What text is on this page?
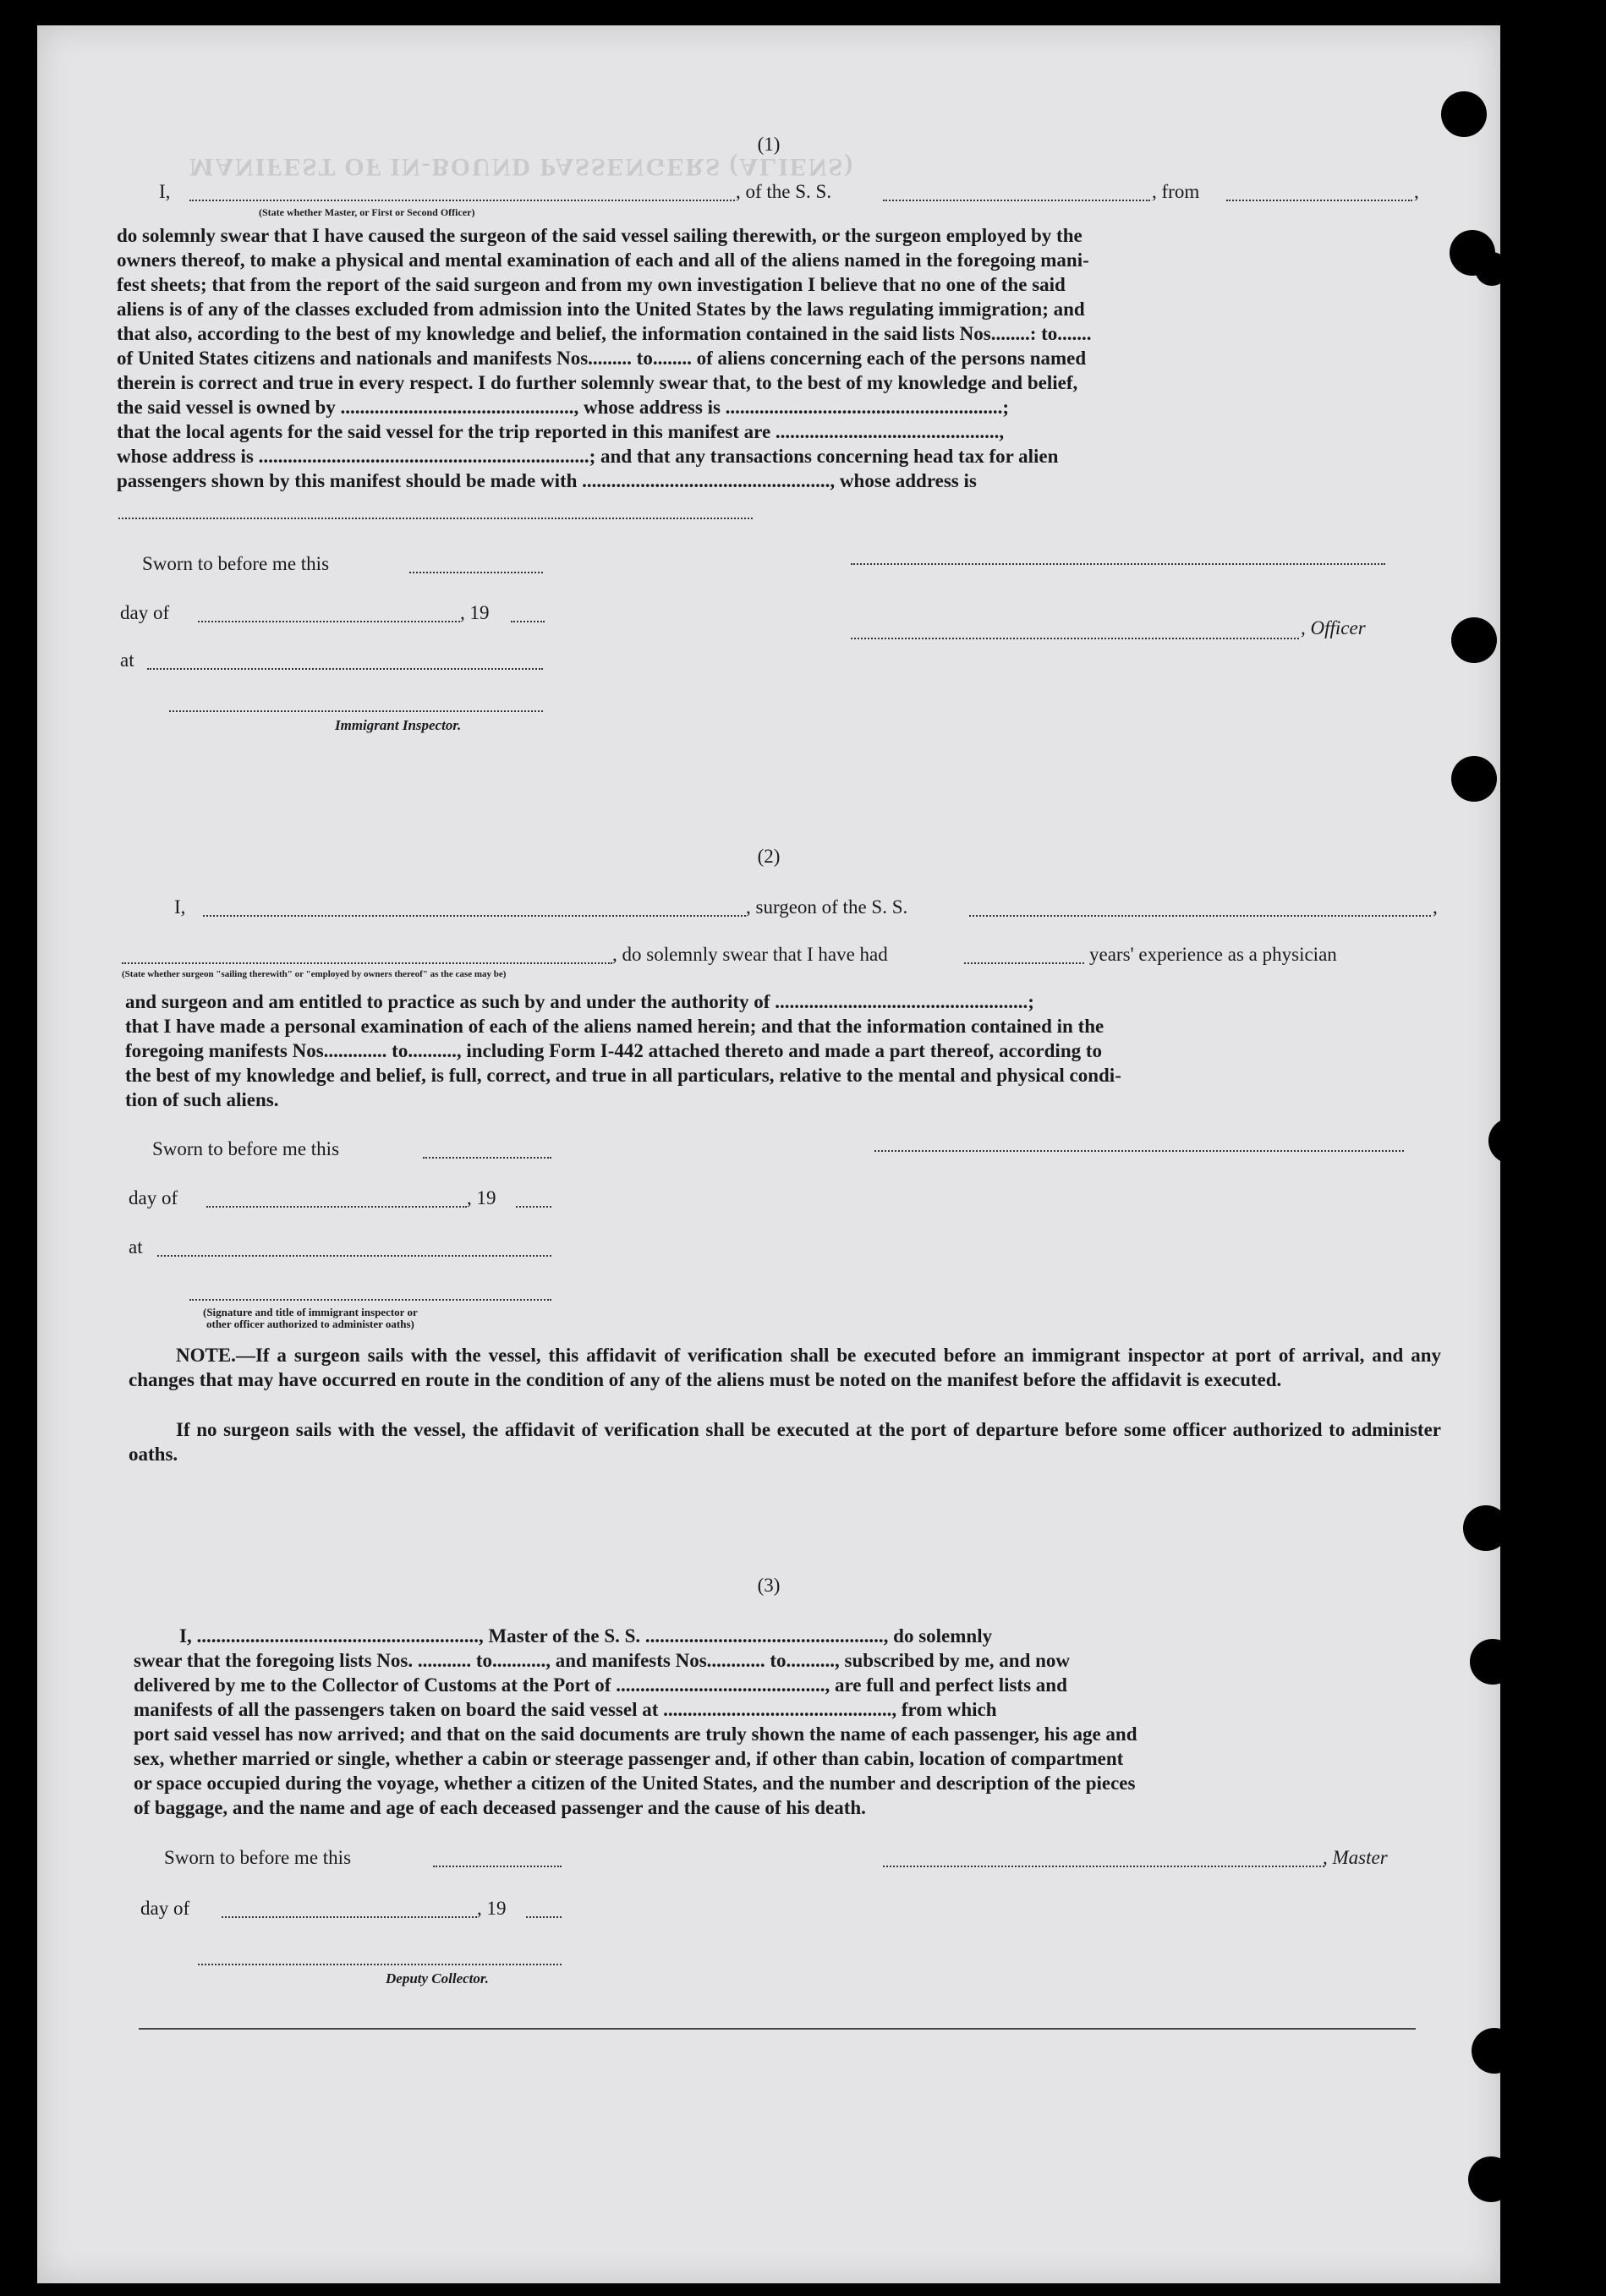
MANIFEST OF IN-BOUND PASSENGERS (ALIENS)
(1)
I,	, of the S. S.	, from	,
(State whether Master, or First or Second Officer)
do solemnly swear that I have caused the surgeon of the said vessel sailing therewith, or the surgeon employed by the
owners thereof, to make a physical and mental examination of each and all of the aliens named in the foregoing mani-
fest sheets; that from the report of the said surgeon and from my own investigation I believe that no one of the said
aliens is of any of the classes excluded from admission into the United States by the laws regulating immigration; and
that also, according to the best of my knowledge and belief, the information contained in the said lists Nos........: to.......
of United States citizens and nationals and manifests Nos......... to........ of aliens concerning each of the persons named
therein is correct and true in every respect. I do further solemnly swear that, to the best of my knowledge and belief,
the said vessel is owned by ................................................, whose address is .........................................................;
that the local agents for the said vessel for the trip reported in this manifest are ..............................................,
whose address is ....................................................................; and that any transactions concerning head tax for alien
passengers shown by this manifest should be made with ..................................................., whose address is
Sworn to before me this
day of	, 19
, Officer
at
Immigrant Inspector.
(2)
I,	, surgeon of the S. S.	,
, do solemnly swear that I have had	years' experience as a physician
(State whether surgeon "sailing therewith" or "employed by owners thereof" as the case may be)
and surgeon and am entitled to practice as such by and under the authority of ....................................................;
that I have made a personal examination of each of the aliens named herein; and that the information contained in the
foregoing manifests Nos............. to.........., including Form I-442 attached thereto and made a part thereof, according to
the best of my knowledge and belief, is full, correct, and true in all particulars, relative to the mental and physical condi-
tion of such aliens.
Sworn to before me this
day of	, 19
at
(Signature and title of immigrant inspector or
other officer authorized to administer oaths)
NOTE.—If a surgeon sails with the vessel, this affidavit of verification shall be executed before an immigrant inspector at port of arrival, and any changes that may have occurred en route in the condition of any of the aliens must be noted on the manifest before the affidavit is executed.
If no surgeon sails with the vessel, the affidavit of verification shall be executed at the port of departure before some officer authorized to administer oaths.
(3)
I, .........................................................., Master of the S. S. ................................................., do solemnly
swear that the foregoing lists Nos. ........... to..........., and manifests Nos............ to.........., subscribed by me, and now
delivered by me to the Collector of Customs at the Port of ..........................................., are full and perfect lists and
manifests of all the passengers taken on board the said vessel at ..............................................., from which
port said vessel has now arrived; and that on the said documents are truly shown the name of each passenger, his age and
sex, whether married or single, whether a cabin or steerage passenger and, if other than cabin, location of compartment
or space occupied during the voyage, whether a citizen of the United States, and the number and description of the pieces
of baggage, and the name and age of each deceased passenger and the cause of his death.
Sworn to before me this	, Master
day of	, 19
Deputy Collector.
